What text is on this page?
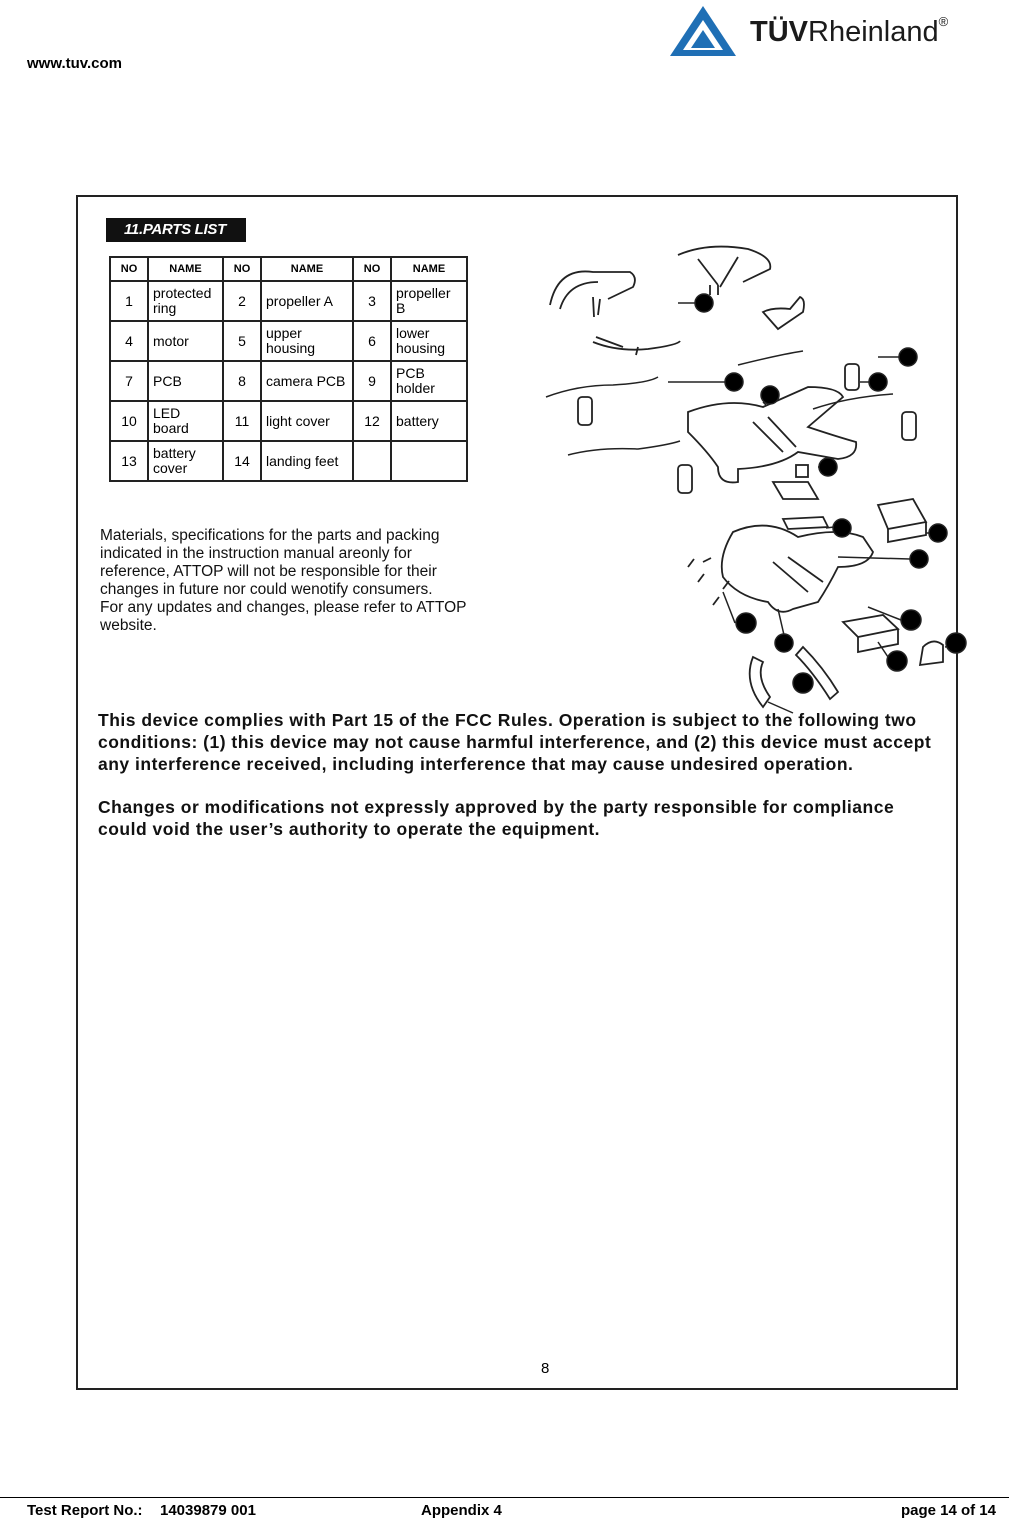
www.tuv.com
TÜVRheinland®
11.PARTS LIST
NO	NAME	NO	NAME	NO	NAME
1	protected ring	2	propeller A	3	propeller B
4	motor	5	upper housing	6	lower housing
7	PCB	8	camera PCB	9	PCB holder
10	LED board	11	light cover	12	battery
13	battery cover	14	landing feet		
Materials, specifications for the parts and packing
indicated in the instruction manual areonly for
reference, ATTOP will not be responsible for their
changes in future nor could wenotify consumers.
For any updates and changes, please refer to ATTOP
website.
1
2
3
4
5
6
7
8	9
10	11
12
13
14
4

This device complies with Part 15 of the FCC Rules. Operation is subject to the following two conditions: (1) this device may not cause harmful interference, and (2) this device must accept any interference received, including interference that may cause undesired operation.

Changes or modifications not expressly approved by the party responsible for compliance could void the user’s authority to operate the equipment.

8
Test Report No.: 14039879 001	Appendix 4	page 14 of 14
